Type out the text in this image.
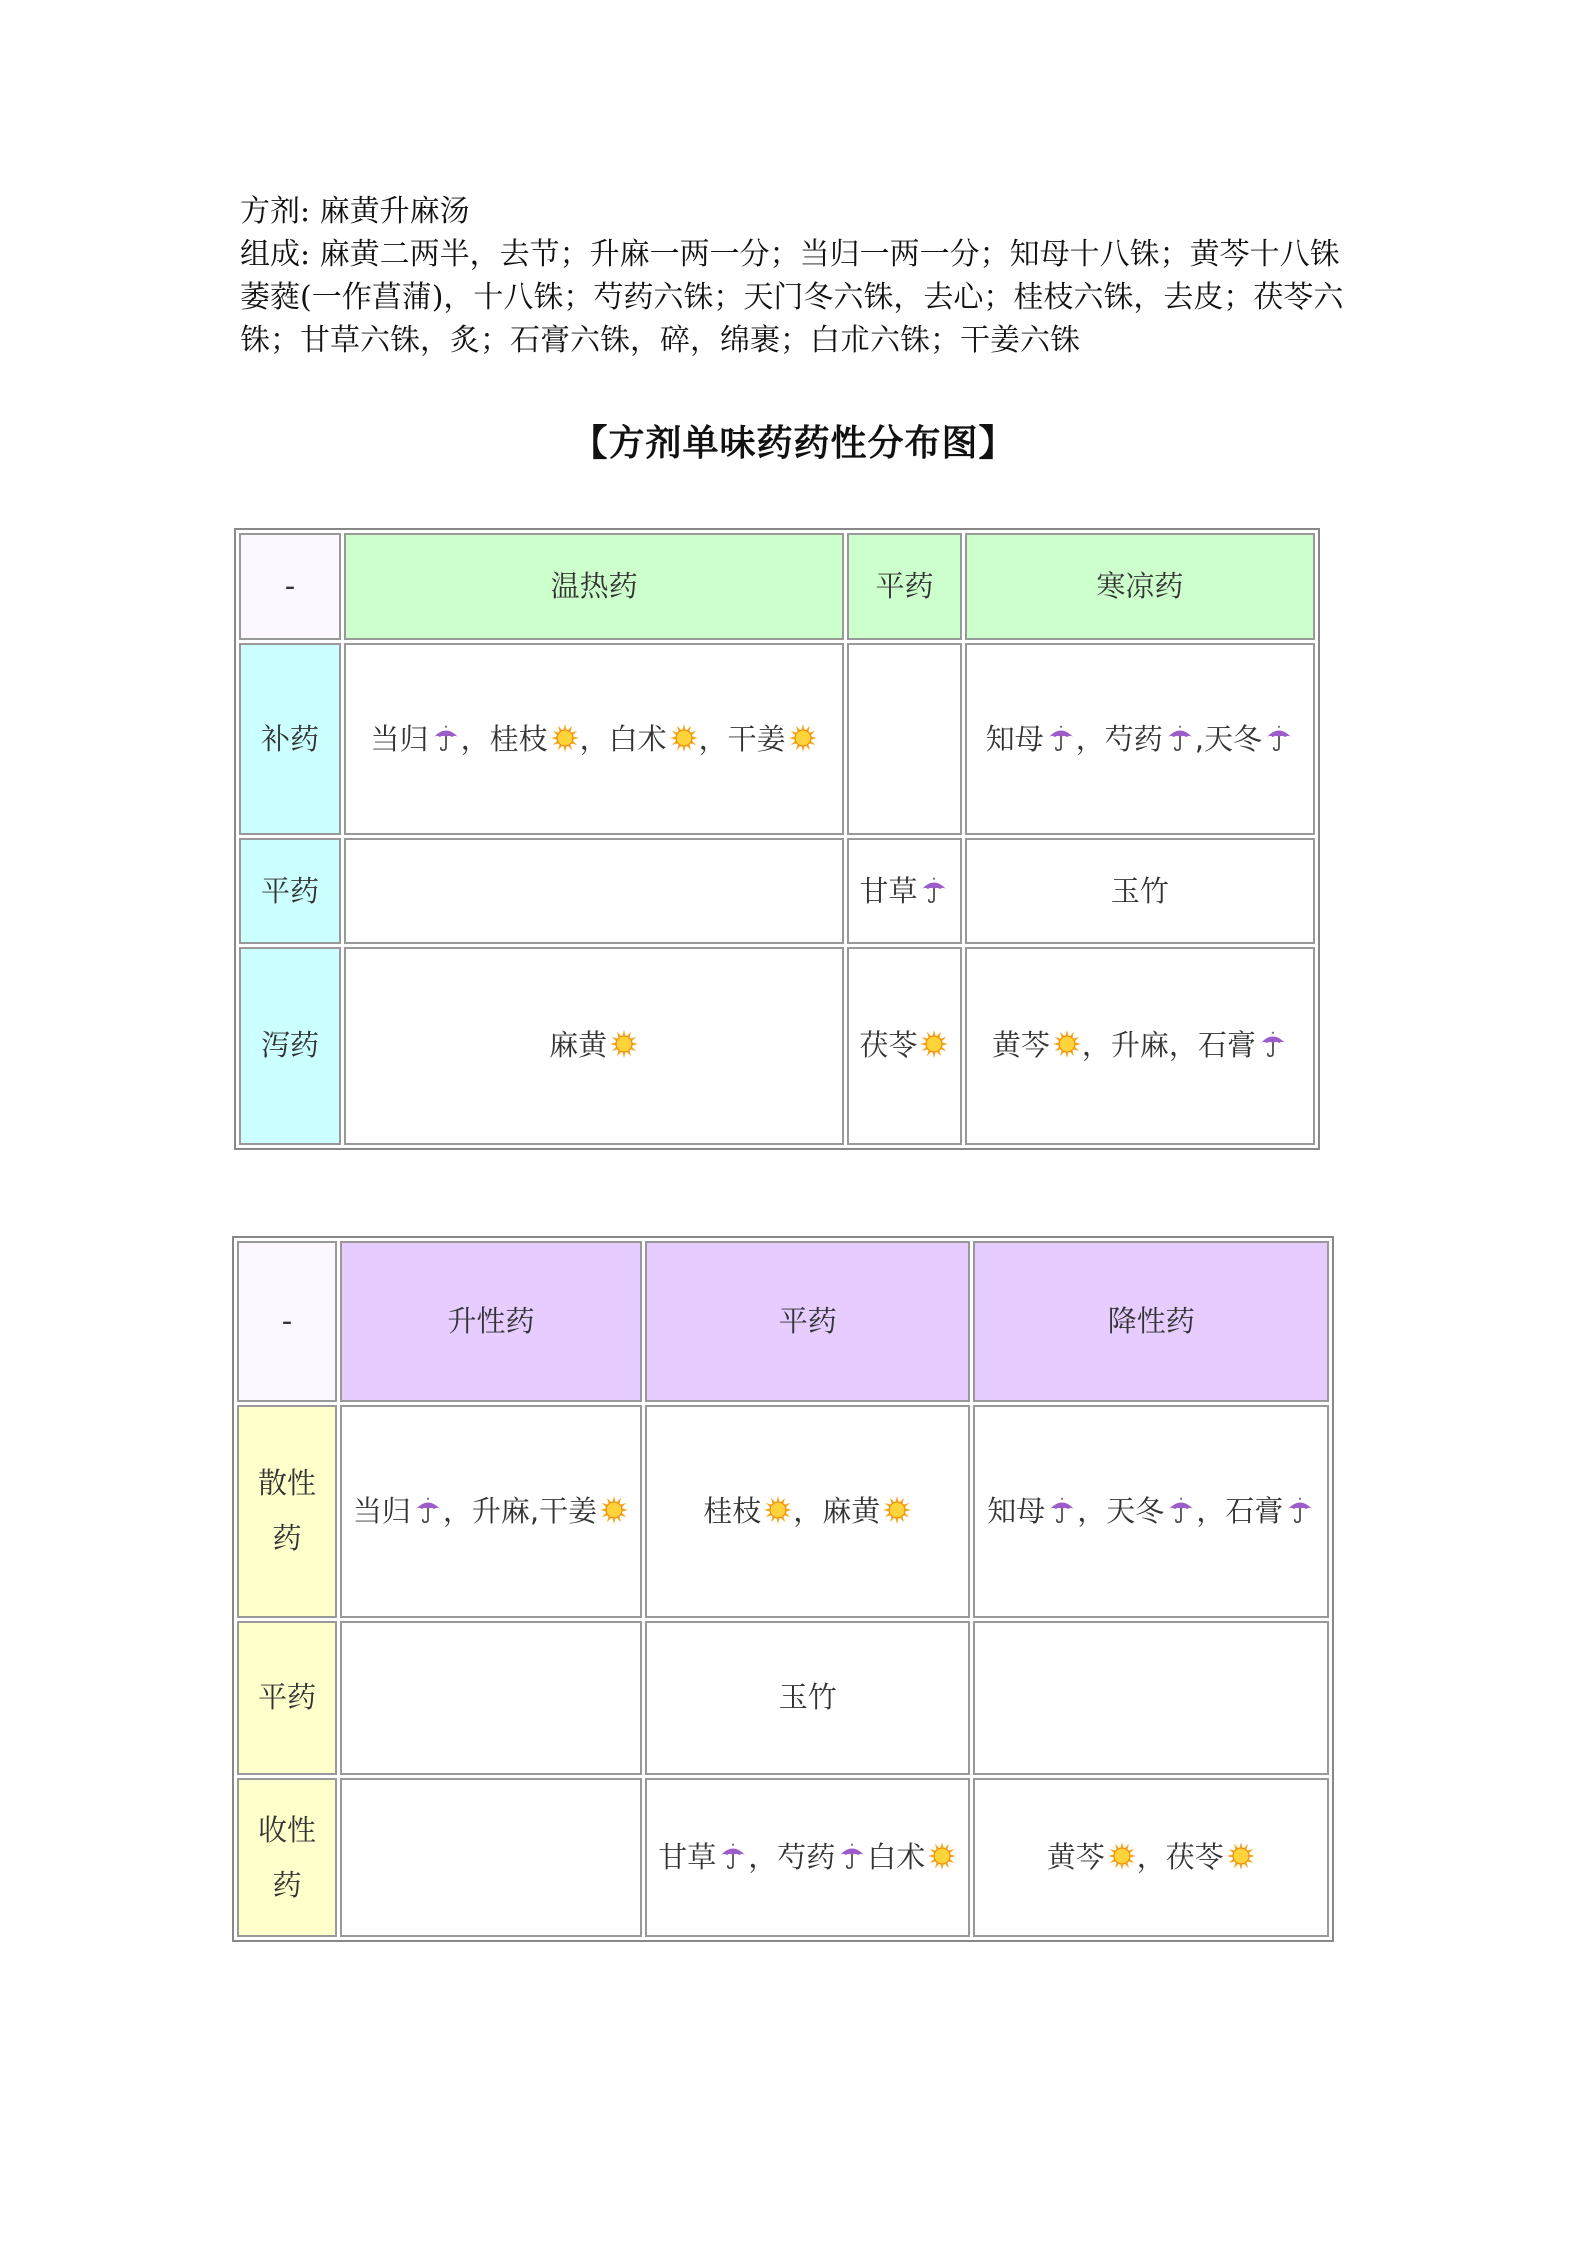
方剂: 麻黄升麻汤

组成: 麻黄二两半，去节；升麻一两一分；当归一两一分；知母十八铢；黄芩十八铢　萎蕤(一作菖蒲)，十八铢；芍药六铢；天门冬六铢，去心；桂枝六铢，去皮；茯苓六铢；甘草六铢，炙；石膏六铢，碎，绵裹；白朮六铢；干姜六铢

【方剂单味药药性分布图】
-	温热药	平药	寒凉药
补药	当归 ，桂枝 ，白术 ，干姜		知母 ，芍药 ,天冬
平药		甘草	玉竹
泻药	麻黄	茯苓	黄芩 ，升麻，石膏
-	升性药	平药	降性药
散性药	当归 ，升麻,干姜	桂枝 ，麻黄	知母 ，天冬 ，石膏
平药		玉竹	
收性药		甘草 ，芍药 白术	黄芩 ，茯苓
